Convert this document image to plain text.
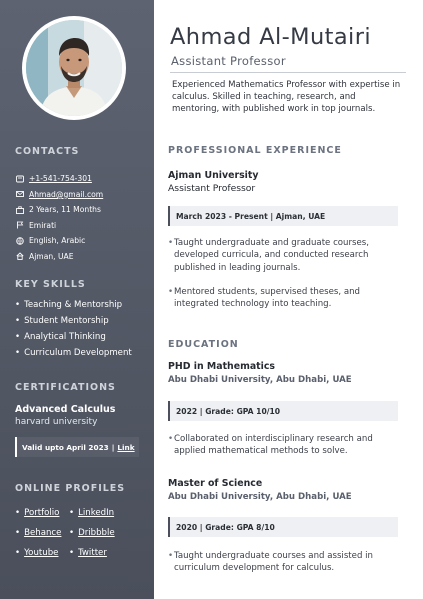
CONTACTS
+1-541-754-301
Ahmad@gmail.com
2 Years, 11 Months
Emirati
English, Arabic
Ajman, UAE
KEY SKILLS
• Teaching & Mentorship
• Student Mentorship
• Analytical Thinking
• Curriculum Development
CERTIFICATIONS
Advanced Calculus
harvard university
Valid upto April 2023 | Link
ONLINE PROFILES
• Portfolio	• LinkedIn
• Behance	• Dribbble
• Youtube	• Twitter
Ahmad Al-Mutairi
Assistant Professor
Experienced Mathematics Professor with expertise in calculus. Skilled in teaching, research, and mentoring, with published work in top journals.
PROFESSIONAL EXPERIENCE
Ajman University
Assistant Professor
March 2023 - Present | Ajman, UAE
• Taught undergraduate and graduate courses, developed curricula, and conducted research published in leading journals.
• Mentored students, supervised theses, and integrated technology into teaching.
EDUCATION
PHD in Mathematics
Abu Dhabi University, Abu Dhabi, UAE
2022 | Grade: GPA 10/10
• Collaborated on interdisciplinary research and applied mathematical methods to solve.
Master of Science
Abu Dhabi University, Abu Dhabi, UAE
2020 | Grade: GPA 8/10
• Taught undergraduate courses and assisted in curriculum development for calculus.
